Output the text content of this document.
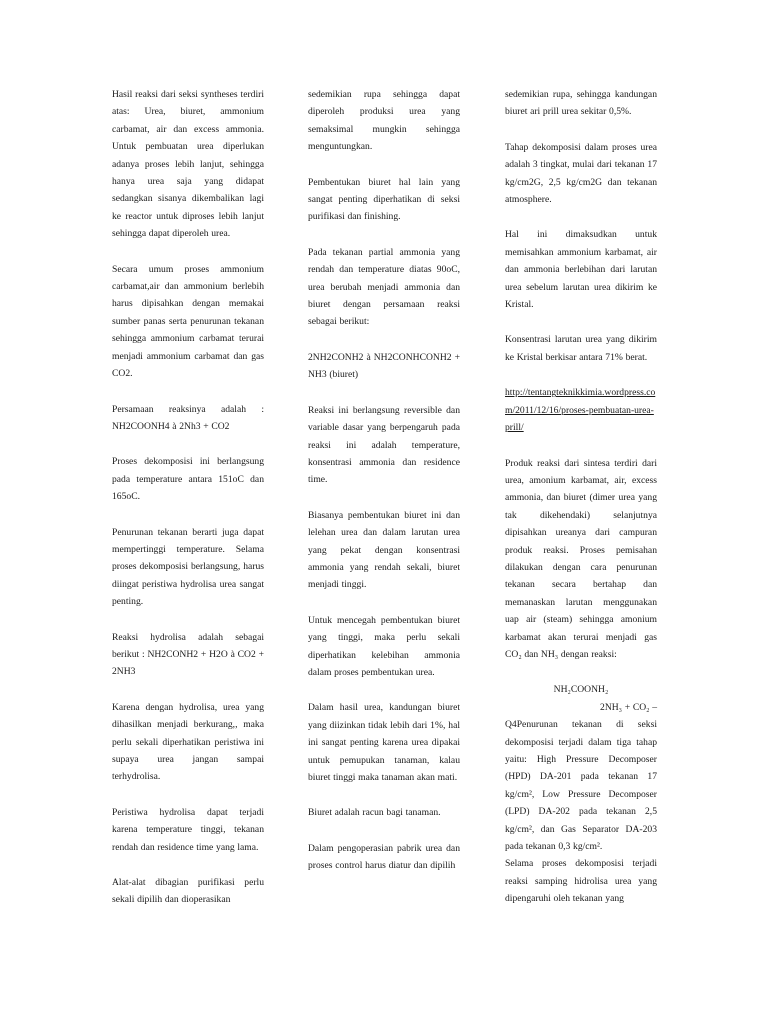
Hasil reaksi dari seksi syntheses terdiri atas: Urea, biuret, ammonium carbamat, air dan excess ammonia. Untuk pembuatan urea diperlukan adanya proses lebih lanjut, sehingga hanya urea saja yang didapat sedangkan sisanya dikembalikan lagi ke reactor untuk diproses lebih lanjut sehingga dapat diperoleh urea.

Secara umum proses ammonium carbamat,air dan ammonium berlebih harus dipisahkan dengan memakai sumber panas serta penurunan tekanan sehingga ammonium carbamat terurai menjadi ammonium carbamat dan gas CO2.

Persamaan reaksinya adalah : NH2COONH4 à 2Nh3 + CO2

Proses dekomposisi ini berlangsung pada temperature antara 151oC dan 165oC.

Penurunan tekanan berarti juga dapat mempertinggi temperature. Selama proses dekomposisi berlangsung, harus diingat peristiwa hydrolisa urea sangat penting.

Reaksi hydrolisa adalah sebagai berikut : NH2CONH2 + H2O à CO2 + 2NH3

Karena dengan hydrolisa, urea yang dihasilkan menjadi berkurang,, maka perlu sekali diperhatikan peristiwa ini supaya urea jangan sampai terhydrolisa.

Peristiwa hydrolisa dapat terjadi karena temperature tinggi, tekanan rendah dan residence time yang lama.

Alat-alat dibagian purifikasi perlu sekali dipilih dan dioperasikan

sedemikian rupa sehingga dapat diperoleh produksi urea yang semaksimal mungkin sehingga menguntungkan.

Pembentukan biuret hal lain yang sangat penting diperhatikan di seksi purifikasi dan finishing.

Pada tekanan partial ammonia yang rendah dan temperature diatas 90oC, urea berubah menjadi ammonia dan biuret dengan persamaan reaksi sebagai berikut:

2NH2CONH2 à NH2CONHCONH2 + NH3 (biuret)

Reaksi ini berlangsung reversible dan variable dasar yang berpengaruh pada reaksi ini adalah temperature, konsentrasi ammonia dan residence time.

Biasanya pembentukan biuret ini dan lelehan urea dan dalam larutan urea yang pekat dengan konsentrasi ammonia yang rendah sekali, biuret menjadi tinggi.

Untuk mencegah pembentukan biuret yang tinggi, maka perlu sekali diperhatikan kelebihan ammonia dalam proses pembentukan urea.

Dalam hasil urea, kandungan biuret yang diizinkan tidak lebih dari 1%, hal ini sangat penting karena urea dipakai untuk pemupukan tanaman, kalau biuret tinggi maka tanaman akan mati.

Biuret adalah racun bagi tanaman.

Dalam pengoperasian pabrik urea dan proses control harus diatur dan dipilih

sedemikian rupa, sehingga kandungan biuret ari prill urea sekitar 0,5%.

Tahap dekomposisi dalam proses urea adalah 3 tingkat, mulai dari tekanan 17 kg/cm2G, 2,5 kg/cm2G dan tekanan atmosphere.

Hal ini dimaksudkan untuk memisahkan ammonium karbamat, air dan ammonia berlebihan dari larutan urea sebelum larutan urea dikirim ke Kristal.

Konsentrasi larutan urea yang dikirim ke Kristal berkisar antara 71% berat.

http://tentangteknikkimia.wordpress.com/2011/12/16/proses-pembuatan-urea-prill/

Produk reaksi dari sintesa terdiri dari urea, amonium karbamat, air, excess ammonia, dan biuret (dimer urea yang tak dikehendaki) selanjutnya dipisahkan ureanya dari campuran produk reaksi. Proses pemisahan dilakukan dengan cara penurunan tekanan secara bertahap dan memanaskan larutan menggunakan uap air (steam) sehingga amonium karbamat akan terurai menjadi gas CO₂ dan NH₃ dengan reaksi:

NH₂COONH₂

2NH₃ + CO₂ –

Q4Penurunan tekanan di seksi dekomposisi terjadi dalam tiga tahap yaitu: High Pressure Decomposer (HPD) DA-201 pada tekanan 17 kg/cm², Low Pressure Decomposer (LPD) DA-202 pada tekanan 2,5 kg/cm², dan Gas Separator DA-203 pada tekanan 0,3 kg/cm².

Selama proses dekomposisi terjadi reaksi samping hidrolisa urea yang dipengaruhi oleh tekanan yang
